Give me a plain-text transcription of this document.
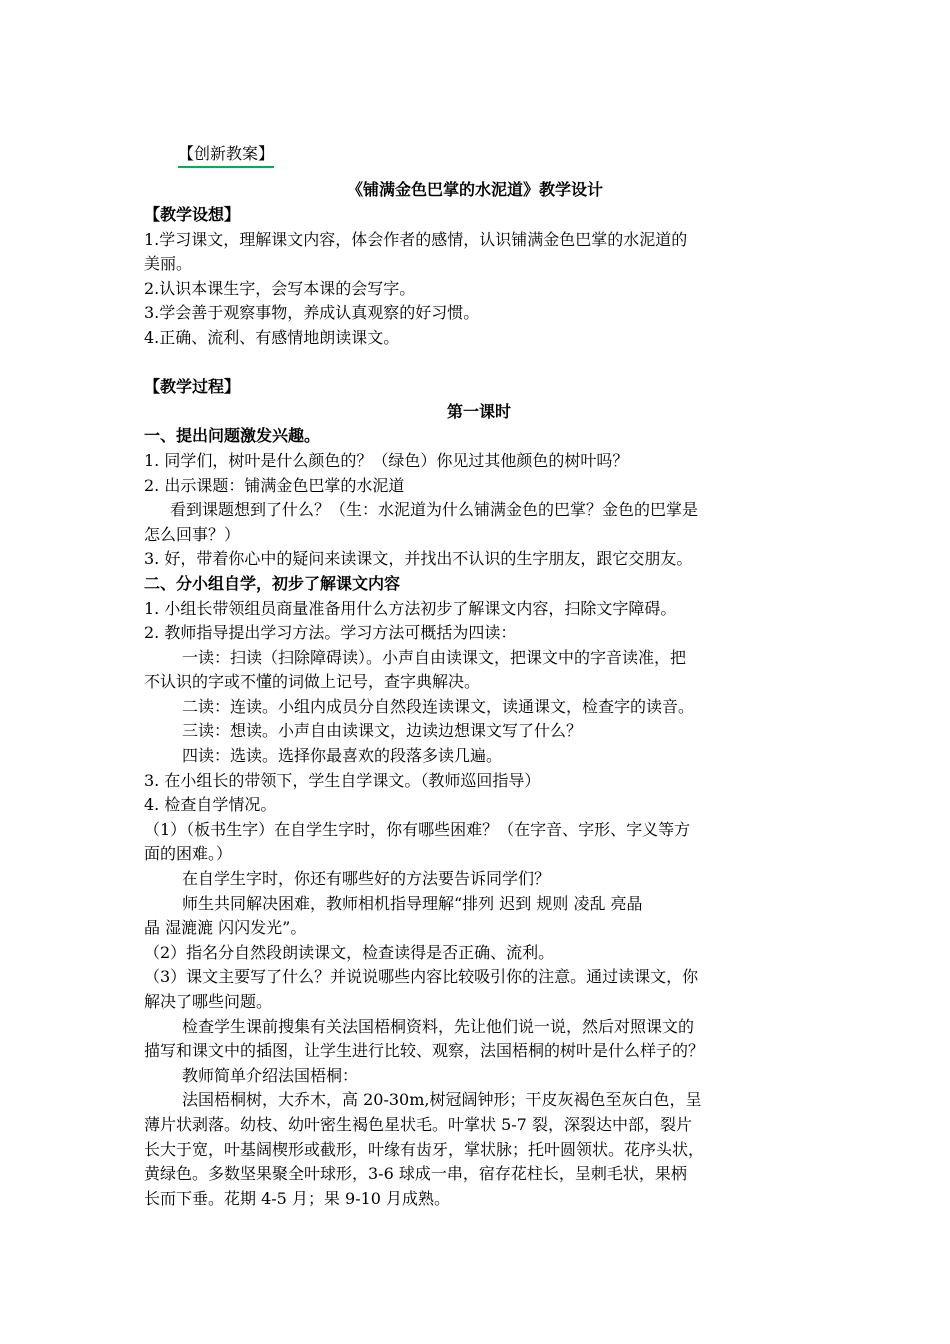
【创新教案】
《铺满金色巴掌的水泥道》教学设计
【教学设想】
1.学习课文，理解课文内容，体会作者的感情，认识铺满金色巴掌的水泥道的
美丽。
2.认识本课生字，会写本课的会写字。
3.学会善于观察事物，养成认真观察的好习惯。
4.正确、流利、有感情地朗读课文。
【教学过程】
第一课时
一、提出问题激发兴趣。
1. 同学们，树叶是什么颜色的？（绿色）你见过其他颜色的树叶吗？
2. 出示课题：铺满金色巴掌的水泥道
看到课题想到了什么？（生：水泥道为什么铺满金色的巴掌？金色的巴掌是
怎么回事？）
3. 好，带着你心中的疑问来读课文，并找出不认识的生字朋友，跟它交朋友。
二、分小组自学，初步了解课文内容
1. 小组长带领组员商量准备用什么方法初步了解课文内容，扫除文字障碍。
2. 教师指导提出学习方法。学习方法可概括为四读：
一读：扫读（扫除障碍读）。小声自由读课文，把课文中的字音读准，把
不认识的字或不懂的词做上记号，查字典解决。
二读：连读。小组内成员分自然段连读课文，读通课文，检查字的读音。
三读：想读。小声自由读课文，边读边想课文写了什么？
四读：选读。选择你最喜欢的段落多读几遍。
3. 在小组长的带领下，学生自学课文。（教师巡回指导）
4. 检查自学情况。
（1）（板书生字）在自学生字时，你有哪些困难？（在字音、字形、字义等方
面的困难。）
在自学生字时，你还有哪些好的方法要告诉同学们？
师生共同解决困难，教师相机指导理解“排列 迟到 规则 凌乱 亮晶
晶 湿漉漉 闪闪发光”。
（2）指名分自然段朗读课文，检查读得是否正确、流利。
（3）课文主要写了什么？并说说哪些内容比较吸引你的注意。通过读课文，你
解决了哪些问题。
检查学生课前搜集有关法国梧桐资料，先让他们说一说，然后对照课文的
描写和课文中的插图，让学生进行比较、观察，法国梧桐的树叶是什么样子的？
教师简单介绍法国梧桐：
法国梧桐树，大乔木，高 20-30m,树冠阔钟形；干皮灰褐色至灰白色，呈
薄片状剥落。幼枝、幼叶密生褐色星状毛。叶掌状 5-7 裂，深裂达中部，裂片
长大于宽，叶基阔楔形或截形，叶缘有齿牙，掌状脉；托叶圆领状。花序头状，
黄绿色。多数坚果聚全叶球形，3-6 球成一串，宿存花柱长，呈刺毛状，果柄
长而下垂。花期 4-5 月；果 9-10 月成熟。
